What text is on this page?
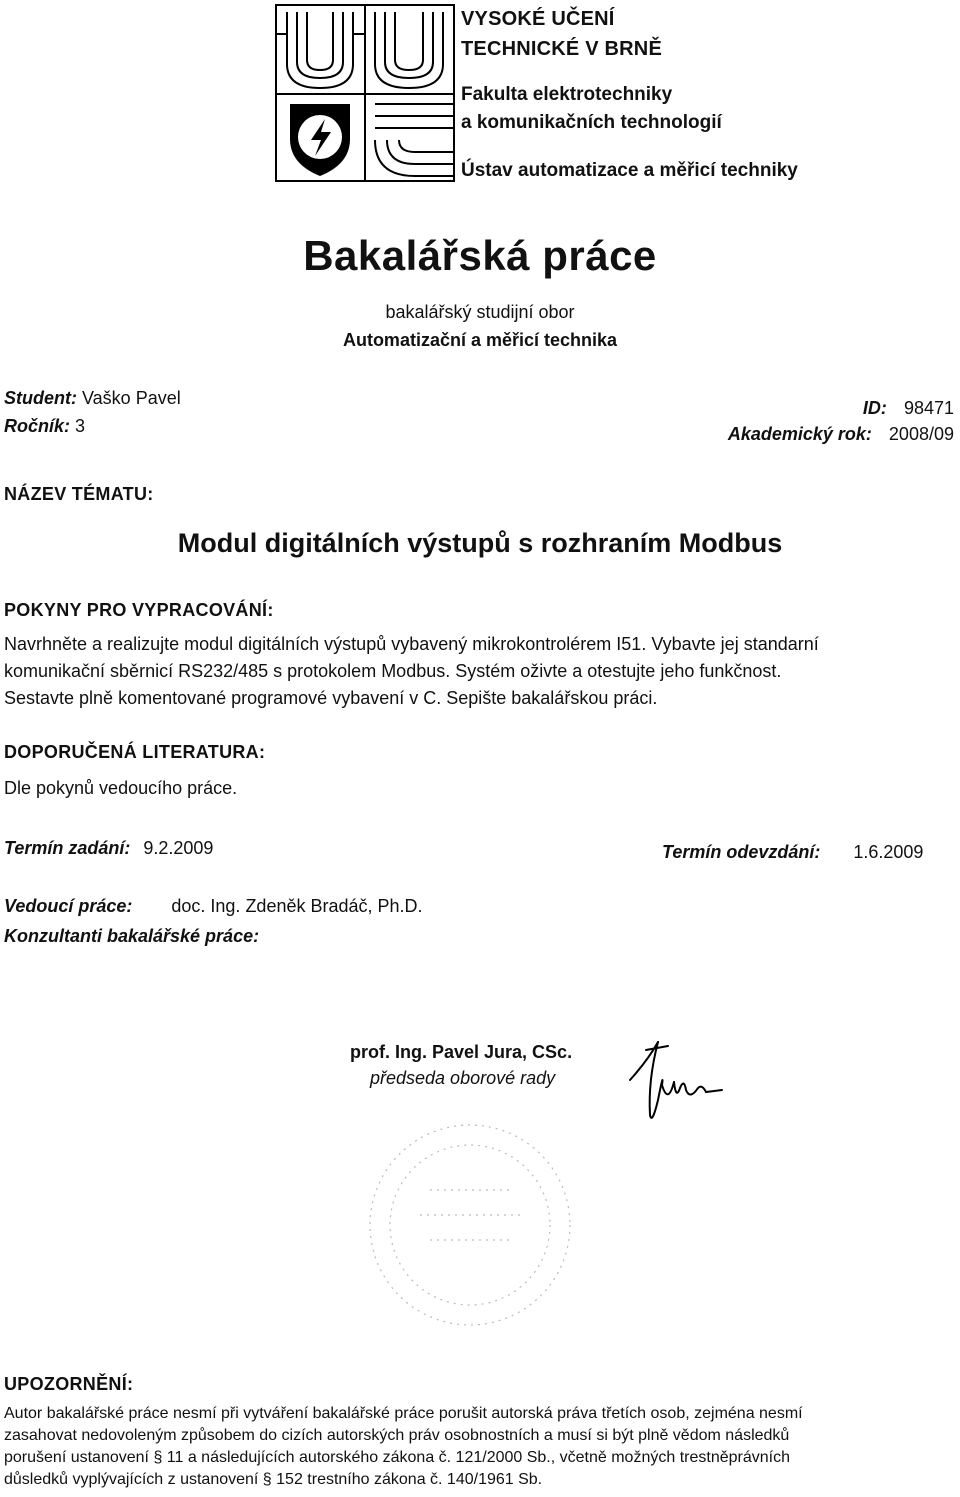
VYSOKÉ UČENÍ
TECHNICKÉ V BRNĚ
Fakulta elektrotechniky
a komunikačních technologií
Ústav automatizace a měřicí techniky
Bakalářská práce
bakalářský studijní obor
Automatizační a měřicí technika
Student: Vaško Pavel
Ročník: 3
ID: 98471
Akademický rok: 2008/09
NÁZEV TÉMATU:
Modul digitálních výstupů s rozhraním Modbus
POKYNY PRO VYPRACOVÁNÍ:
Navrhněte a realizujte modul digitálních výstupů vybavený mikrokontrolérem I51. Vybavte jej standarní
komunikační sběrnicí RS232/485 s protokolem Modbus. Systém oživte a otestujte jeho funkčnost.
Sestavte plně komentované programové vybavení v C. Sepište bakalářskou práci.
DOPORUČENÁ LITERATURA:
Dle pokynů vedoucího práce.
Termín zadání: 9.2.2009	Termín odevzdání: 1.6.2009
Vedoucí práce: doc. Ing. Zdeněk Bradáč, Ph.D.
Konzultanti bakalářské práce:
prof. Ing. Pavel Jura, CSc.
předseda oborové rady
UPOZORNĚNÍ:
Autor bakalářské práce nesmí při vytváření bakalářské práce porušit autorská práva třetích osob, zejména nesmí
zasahovat nedovoleným způsobem do cizích autorských práv osobnostních a musí si být plně vědom následků
porušení ustanovení § 11 a následujících autorského zákona č. 121/2000 Sb., včetně možných trestněprávních
důsledků vyplývajících z ustanovení § 152 trestního zákona č. 140/1961 Sb.
